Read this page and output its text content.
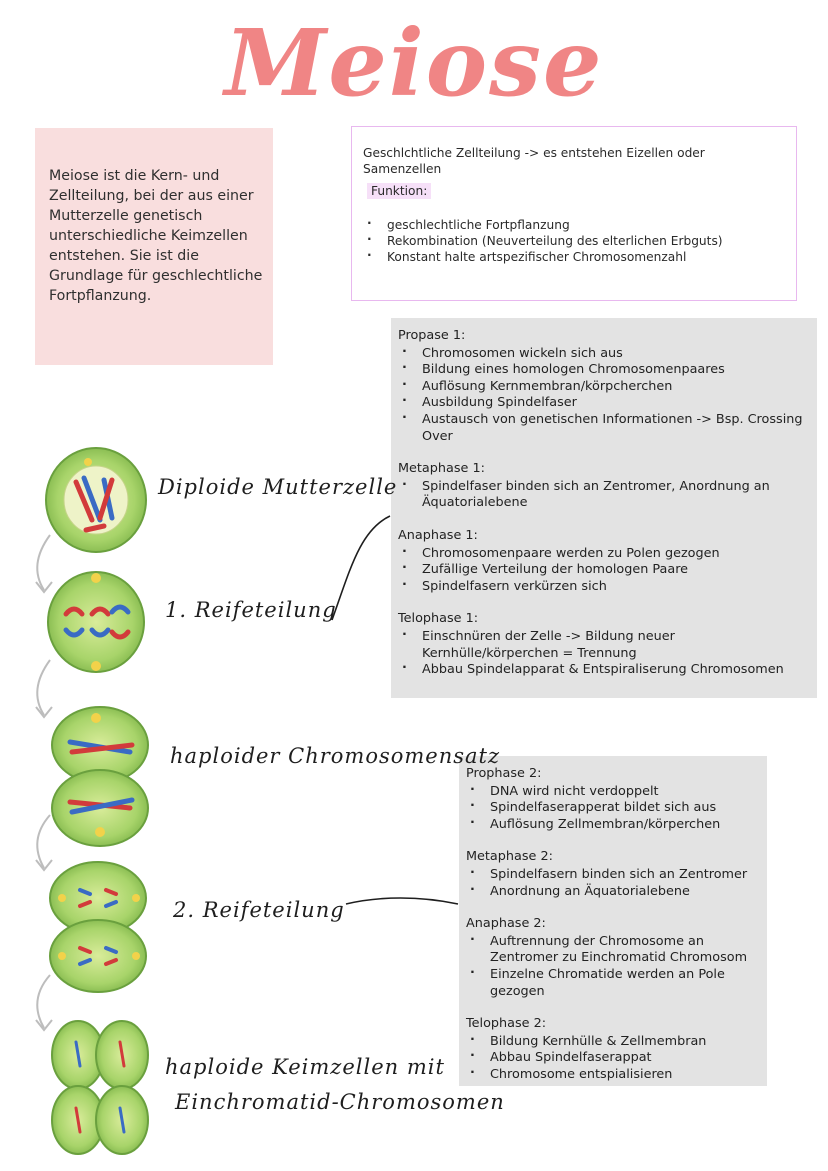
Meiose
Meiose ist die Kern- und Zellteilung, bei der aus einer Mutterzelle genetisch unterschiedliche Keimzellen entstehen. Sie ist die Grundlage für geschlechtliche Fortpflanzung.
Geschlchtliche Zellteilung -> es entstehen Eizellen oder Samenzellen
Funktion:
· geschlechtliche Fortpflanzung
· Rekombination (Neuverteilung des elterlichen Erbguts)
· Konstant halte artspezifischer Chromosomenzahl
Propase 1:
· Chromosomen wickeln sich aus
· Bildung eines homologen Chromosomenpaares
· Auflösung Kernmembran/körpcherchen
· Ausbildung Spindelfaser
· Austausch von genetischen Informationen -> Bsp. Crossing Over
Metaphase 1:
· Spindelfaser binden sich an Zentromer, Anordnung an Äquatorialebene
Anaphase 1:
· Chromosomenpaare werden zu Polen gezogen
· Zufällige Verteilung der homologen Paare
· Spindelfasern verkürzen sich
Telophase 1:
· Einschnüren der Zelle -> Bildung neuer Kernhülle/körperchen = Trennung
· Abbau Spindelapparat & Entspiraliserung Chromosomen
Prophase 2:
· DNA wird nicht verdoppelt
· Spindelfaserapperat bildet sich aus
· Auflösung Zellmembran/körperchen
Metaphase 2:
· Spindelfasern binden sich an Zentromer
· Anordnung an Äquatorialebene
Anaphase 2:
· Auftrennung der Chromosome an Zentromer zu Einchromatid Chromosom
· Einzelne Chromatide werden an Pole gezogen
Telophase 2:
· Bildung Kernhülle & Zellmembran
· Abbau Spindelfaserappat
· Chromosome entspialisieren
Diploide Mutterzelle
1. Reifeteilung
haploider Chromosomensatz
2. Reifeteilung
haploide Keimzellen mit
Einchromatid-Chromosomen
